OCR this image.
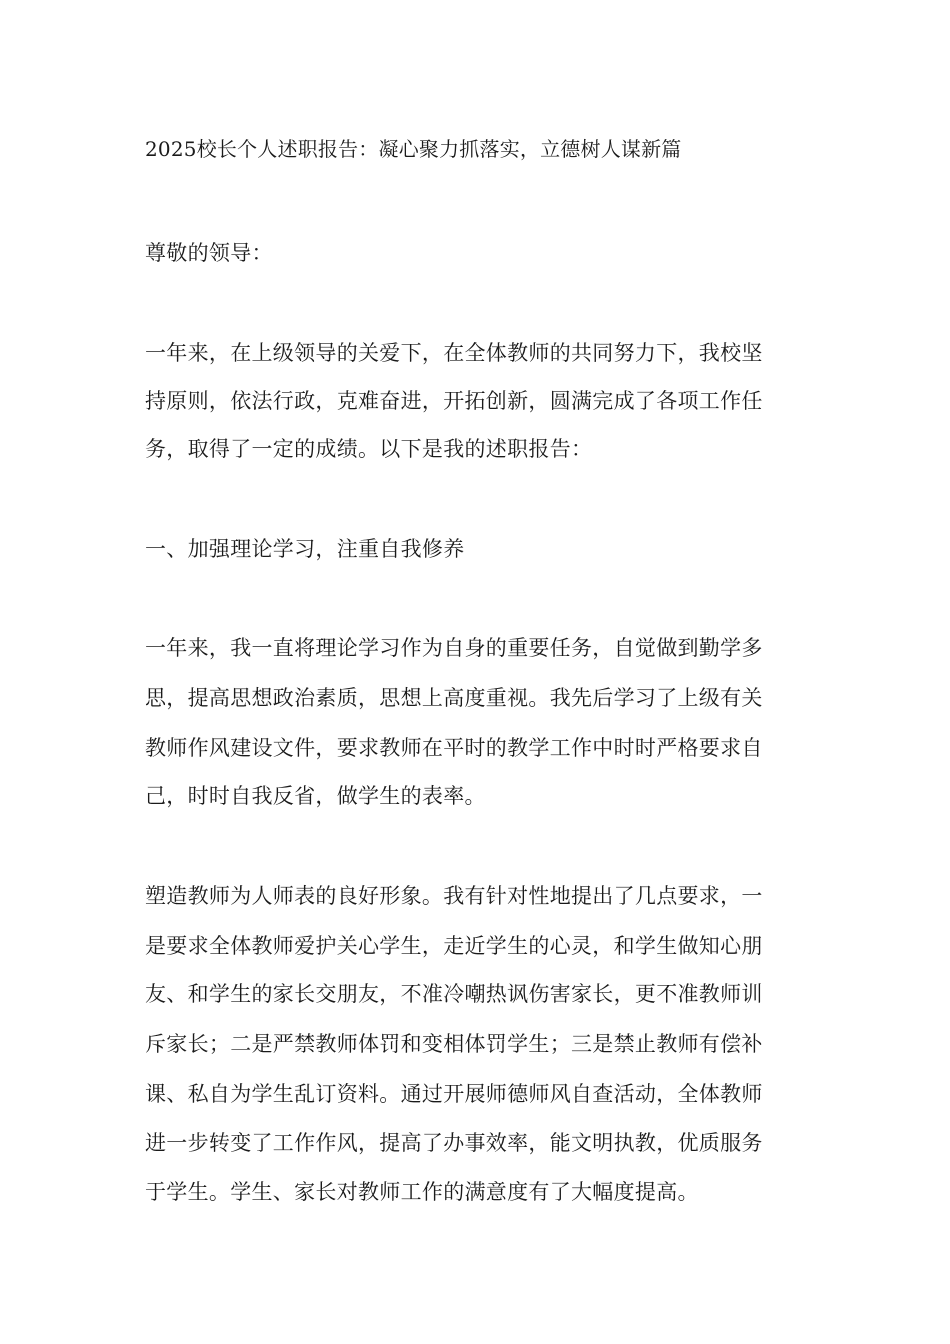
2025校长个人述职报告：凝心聚力抓落实，立德树人谋新篇
尊敬的领导：
一年来，在上级领导的关爱下，在全体教师的共同努力下，我校坚
持原则，依法行政，克难奋进，开拓创新，圆满完成了各项工作任
务，取得了一定的成绩。以下是我的述职报告：
一、加强理论学习，注重自我修养
一年来，我一直将理论学习作为自身的重要任务，自觉做到勤学多
思，提高思想政治素质，思想上高度重视。我先后学习了上级有关
教师作风建设文件，要求教师在平时的教学工作中时时严格要求自
己，时时自我反省，做学生的表率。
塑造教师为人师表的良好形象。我有针对性地提出了几点要求，一
是要求全体教师爱护关心学生，走近学生的心灵，和学生做知心朋
友、和学生的家长交朋友，不准冷嘲热讽伤害家长，更不准教师训
斥家长；二是严禁教师体罚和变相体罚学生；三是禁止教师有偿补
课、私自为学生乱订资料。通过开展师德师风自查活动，全体教师
进一步转变了工作作风，提高了办事效率，能文明执教，优质服务
于学生。学生、家长对教师工作的满意度有了大幅度提高。
